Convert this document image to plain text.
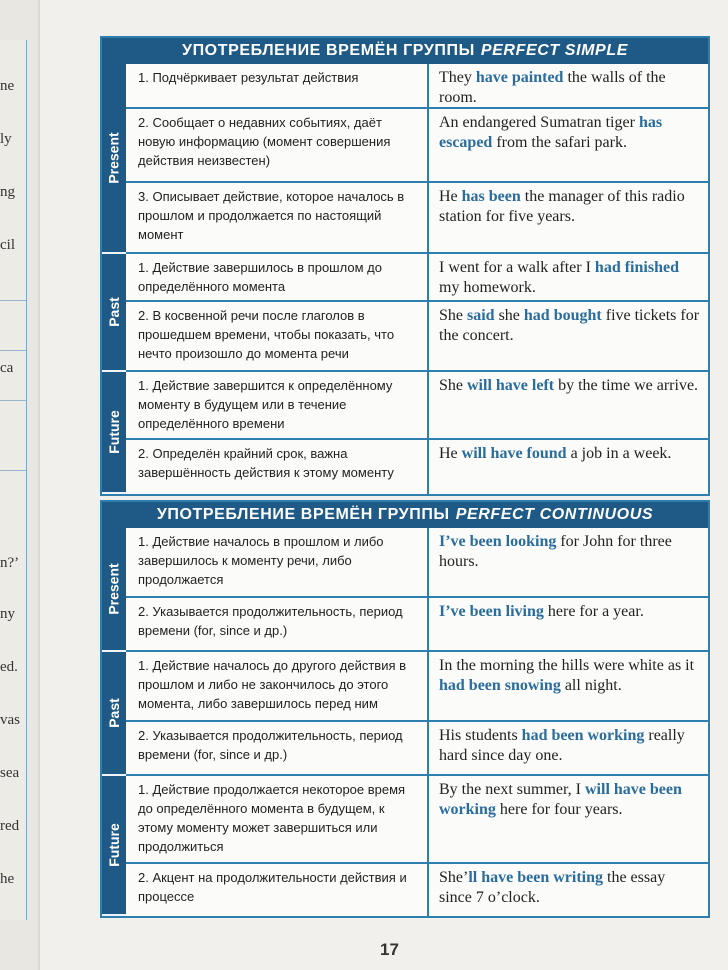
ne
ly
ng
cil
ca
n?’
ny
ed.
vas
sea
red
he
УПОТРЕБЛЕНИЕ ВРЕМЁН ГРУППЫ PERFECT SIMPLE
Present
1. Подчёркивает результат действия	They have painted the walls of the room.
2. Сообщает о недавних событиях, даёт новую информацию (момент совершения действия неизвестен)
An endangered Sumatran tiger has escaped from the safari park.
3. Описывает действие, которое началось в прошлом и продолжается по настоящий момент
He has been the manager of this radio station for five years.
Past
1. Действие завершилось в прошлом до определённого момента
I went for a walk after I had finished my homework.
2. В косвенной речи после глаголов в прошедшем времени, чтобы показать, что нечто произошло до момента речи
She said she had bought five tickets for the concert.
Future
1. Действие завершится к определённому моменту в будущем или в течение определённого времени
She will have left by the time we arrive.
2. Определён крайний срок, важна завершённость действия к этому моменту
He will have found a job in a week.
УПОТРЕБЛЕНИЕ ВРЕМЁН ГРУППЫ PERFECT CONTINUOUS
Present
1. Действие началось в прошлом и либо завершилось к моменту речи, либо продолжается
I’ve been looking for John for three hours.
2. Указывается продолжительность, период времени (for, since и др.)
I’ve been living here for a year.
Past
1. Действие началось до другого действия в прошлом и либо не закончилось до этого момента, либо завершилось перед ним
In the morning the hills were white as it had been snowing all night.
2. Указывается продолжительность, период времени (for, since и др.)
His students had been working really hard since day one.
Future
1. Действие продолжается некоторое время до определённого момента в будущем, к этому моменту может завершиться или продолжиться
By the next summer, I will have been working here for four years.
2. Акцент на продолжительности действия и процессе
She’ll have been writing the essay since 7 o’clock.
17
